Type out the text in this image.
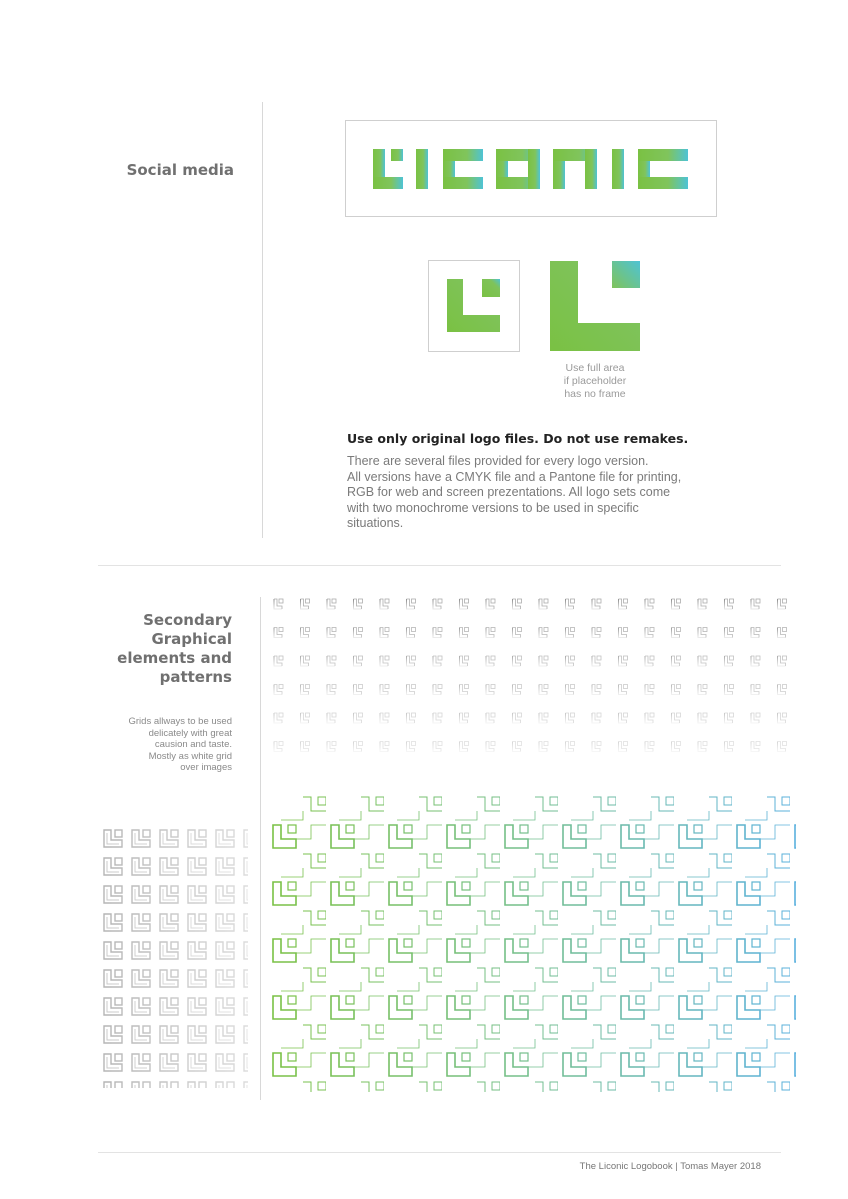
Social media
Use full area
if placeholder
has no frame
Use only original logo files. Do not use remakes.
There are several files provided for every logo version.
All versions have a CMYK file and a Pantone file for printing,
RGB for web and screen prezentations. All logo sets come
with two monochrome versions to be used in specific
situations.
Secondary
Graphical
elements and
patterns
Grids allways to be used
delicately with great
causion and taste.
Mostly as white grid
over images
The Liconic Logobook | Tomas Mayer 2018
